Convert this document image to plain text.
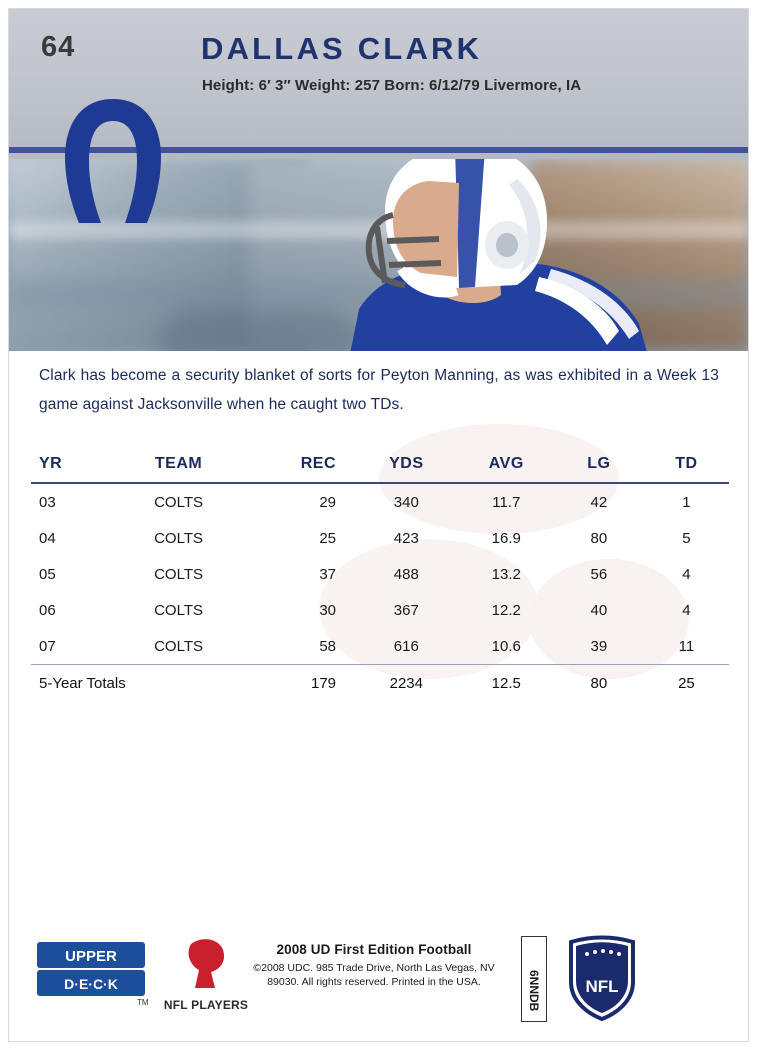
64	DALLAS CLARK
Height: 6′ 3″ Weight: 257 Born: 6/12/79 Livermore, IA
Clark has become a security blanket of sorts for Peyton Manning, as was exhibited in a Week 13 game against Jacksonville when he caught two TDs.
YR	TEAM	REC	YDS	AVG	LG	TD
03	COLTS	29	340	11.7	42	1
04	COLTS	25	423	16.9	80	5
05	COLTS	37	488	13.2	56	4
06	COLTS	30	367	12.2	40	4
07	COLTS	58	616	10.6	39	11
5-Year Totals		179	2234	12.5	80	25
UPPER
D·E·C·K
TM NFL PLAYERS
2008 UD First Edition Football
©2008 UDC. 985 Trade Drive, North Las Vegas, NV 89030. All rights reserved. Printed in the USA.	6NNDB	NFL
